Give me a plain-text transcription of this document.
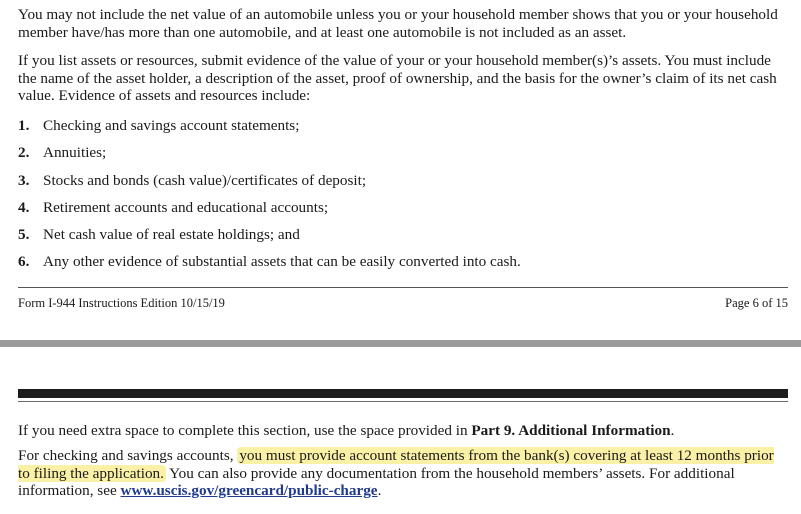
You may not include the net value of an automobile unless you or your household member shows that you or your household member have/has more than one automobile, and at least one automobile is not included as an asset.

If you list assets or resources, submit evidence of the value of your or your household member(s)’s assets. You must include the name of the asset holder, a description of the asset, proof of ownership, and the basis for the owner’s claim of its net cash value. Evidence of assets and resources include:

1. Checking and savings account statements;
2. Annuities;
3. Stocks and bonds (cash value)/certificates of deposit;
4. Retirement accounts and educational accounts;
5. Net cash value of real estate holdings; and
6. Any other evidence of substantial assets that can be easily converted into cash.
Form I-944 Instructions Edition 10/15/19	Page 6 of 15

If you need extra space to complete this section, use the space provided in Part 9. Additional Information.

For checking and savings accounts, you must provide account statements from the bank(s) covering at least 12 months prior to filing the application. You can also provide any documentation from the household members’ assets. For additional information, see www.uscis.gov/greencard/public-charge.
